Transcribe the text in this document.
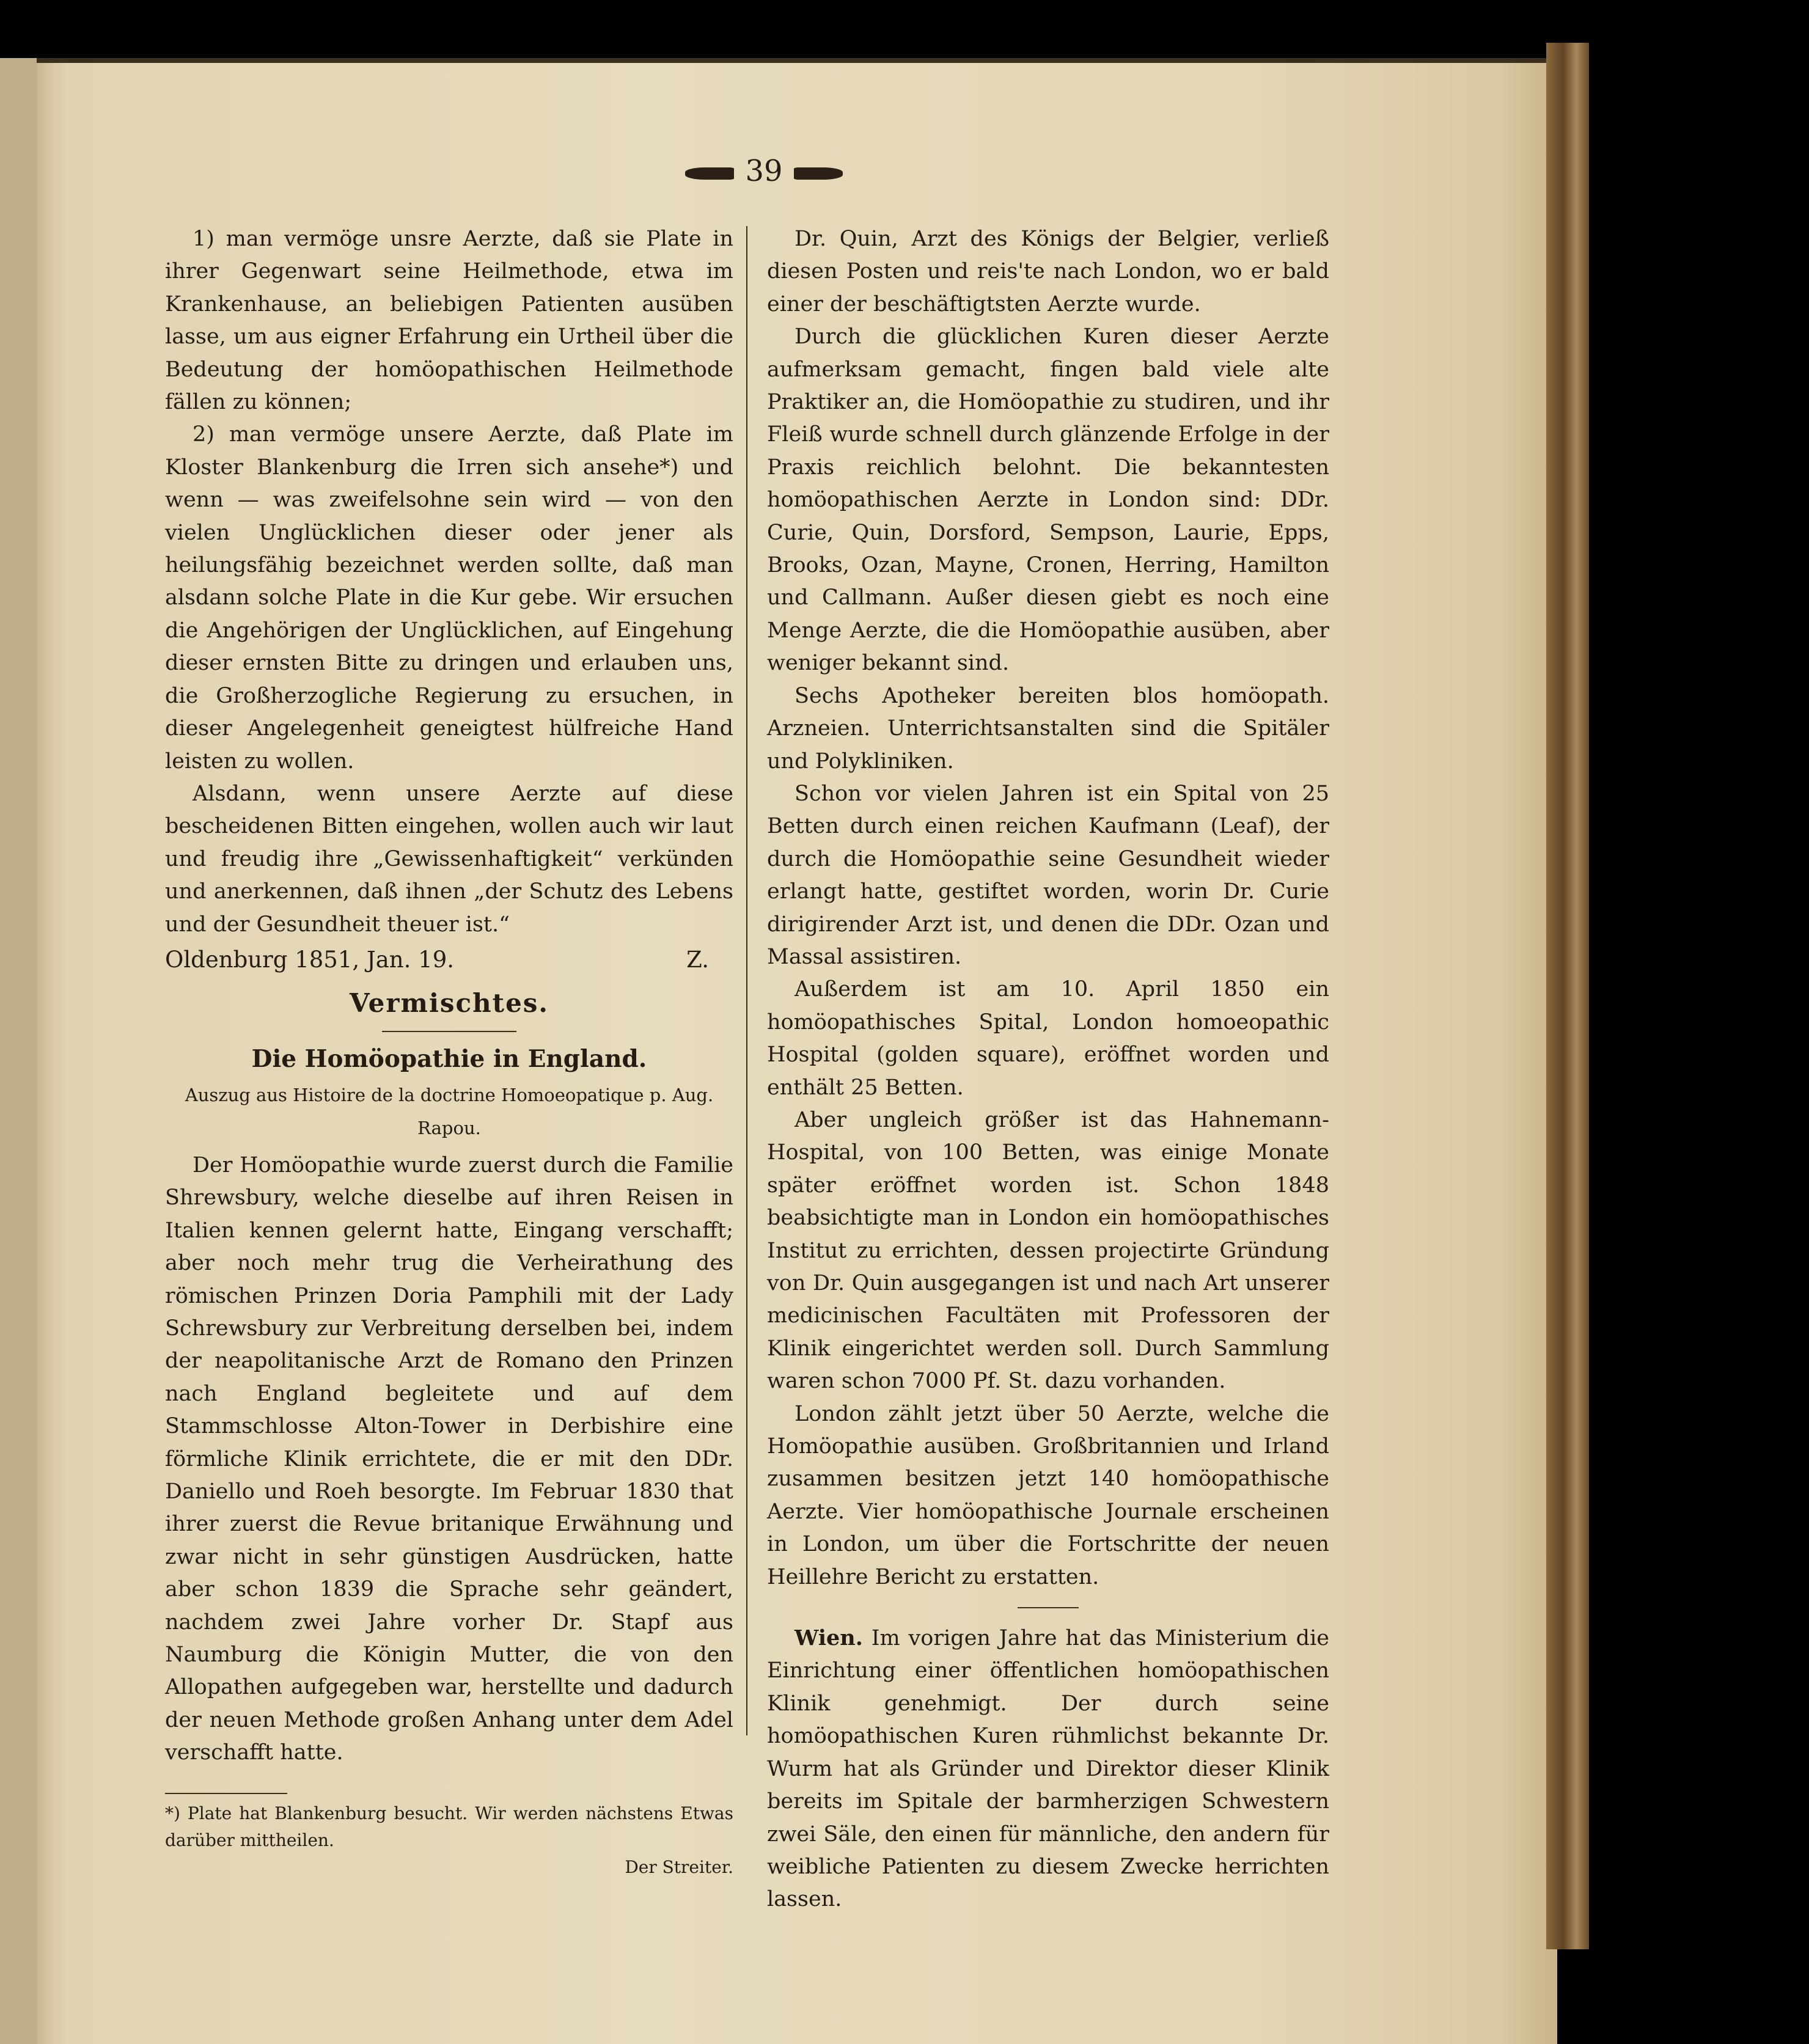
39

1) man vermöge unsre Aerzte, daß sie Plate in ihrer Gegenwart seine Heilmethode, etwa im Krankenhause, an beliebigen Patienten ausüben lasse, um aus eigner Erfahrung ein Urtheil über die Bedeutung der homöopathischen Heilmethode fällen zu können;

2) man vermöge unsere Aerzte, daß Plate im Kloster Blankenburg die Irren sich ansehe*) und wenn — was zweifelsohne sein wird — von den vielen Unglücklichen dieser oder jener als heilungsfähig bezeichnet werden sollte, daß man alsdann solche Plate in die Kur gebe. Wir ersuchen die Angehörigen der Unglücklichen, auf Eingehung dieser ernsten Bitte zu dringen und erlauben uns, die Großherzogliche Regierung zu ersuchen, in dieser Angelegenheit geneigtest hülfreiche Hand leisten zu wollen.

Alsdann, wenn unsere Aerzte auf diese bescheidenen Bitten eingehen, wollen auch wir laut und freudig ihre „Gewissenhaftigkeit“ verkünden und anerkennen, daß ihnen „der Schutz des Lebens und der Gesundheit theuer ist.“

Oldenburg 1851, Jan. 19.	Z.
Vermischtes.
Die Homöopathie in England.
Auszug aus Histoire de la doctrine Homoeopatique p. Aug. Rapou.

Der Homöopathie wurde zuerst durch die Familie Shrewsbury, welche dieselbe auf ihren Reisen in Italien kennen gelernt hatte, Eingang verschafft; aber noch mehr trug die Verheirathung des römischen Prinzen Doria Pamphili mit der Lady Schrewsbury zur Verbreitung derselben bei, indem der neapolitanische Arzt de Romano den Prinzen nach England begleitete und auf dem Stammschlosse Alton-Tower in Derbishire eine förmliche Klinik errichtete, die er mit den DDr. Daniello und Roeh besorgte. Im Februar 1830 that ihrer zuerst die Revue britanique Erwähnung und zwar nicht in sehr günstigen Ausdrücken, hatte aber schon 1839 die Sprache sehr geändert, nachdem zwei Jahre vorher Dr. Stapf aus Naumburg die Königin Mutter, die von den Allopathen aufgegeben war, herstellte und dadurch der neuen Methode großen Anhang unter dem Adel verschafft hatte.

*) Plate hat Blankenburg besucht. Wir werden nächstens Etwas darüber mittheilen.
Der Streiter.

Dr. Quin, Arzt des Königs der Belgier, verließ diesen Posten und reis'te nach London, wo er bald einer der beschäftigtsten Aerzte wurde.

Durch die glücklichen Kuren dieser Aerzte aufmerksam gemacht, fingen bald viele alte Praktiker an, die Homöopathie zu studiren, und ihr Fleiß wurde schnell durch glänzende Erfolge in der Praxis reichlich belohnt. Die bekanntesten homöopathischen Aerzte in London sind: DDr. Curie, Quin, Dorsford, Sempson, Laurie, Epps, Brooks, Ozan, Mayne, Cronen, Herring, Hamilton und Callmann. Außer diesen giebt es noch eine Menge Aerzte, die die Homöopathie ausüben, aber weniger bekannt sind.

Sechs Apotheker bereiten blos homöopath. Arzneien. Unterrichtsanstalten sind die Spitäler und Polykliniken.

Schon vor vielen Jahren ist ein Spital von 25 Betten durch einen reichen Kaufmann (Leaf), der durch die Homöopathie seine Gesundheit wieder erlangt hatte, gestiftet worden, worin Dr. Curie dirigirender Arzt ist, und denen die DDr. Ozan und Massal assistiren.

Außerdem ist am 10. April 1850 ein homöopathisches Spital, London homoeopathic Hospital (golden square), eröffnet worden und enthält 25 Betten.

Aber ungleich größer ist das Hahnemann-Hospital, von 100 Betten, was einige Monate später eröffnet worden ist. Schon 1848 beabsichtigte man in London ein homöopathisches Institut zu errichten, dessen projectirte Gründung von Dr. Quin ausgegangen ist und nach Art unserer medicinischen Facultäten mit Professoren der Klinik eingerichtet werden soll. Durch Sammlung waren schon 7000 Pf. St. dazu vorhanden.

London zählt jetzt über 50 Aerzte, welche die Homöopathie ausüben. Großbritannien und Irland zusammen besitzen jetzt 140 homöopathische Aerzte. Vier homöopathische Journale erscheinen in London, um über die Fortschritte der neuen Heillehre Bericht zu erstatten.

Wien. Im vorigen Jahre hat das Ministerium die Einrichtung einer öffentlichen homöopathischen Klinik genehmigt. Der durch seine homöopathischen Kuren rühmlichst bekannte Dr. Wurm hat als Gründer und Direktor dieser Klinik bereits im Spitale der barmherzigen Schwestern zwei Säle, den einen für männliche, den andern für weibliche Patienten zu diesem Zwecke herrichten lassen.
